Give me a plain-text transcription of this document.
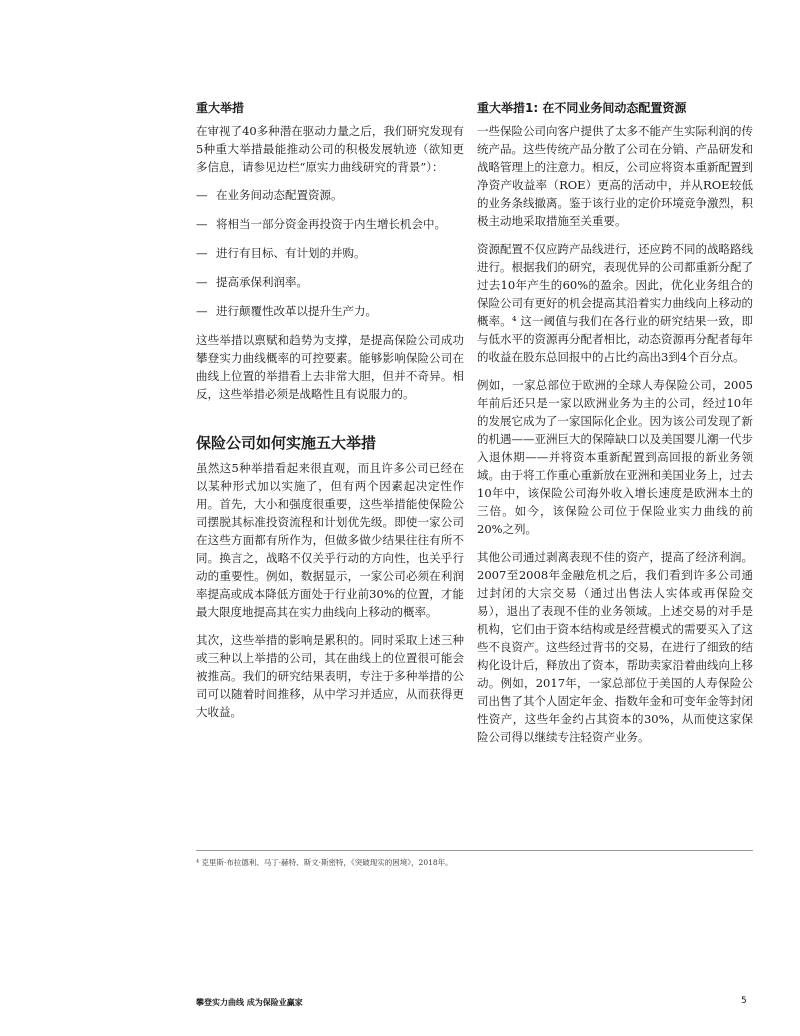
重大举措

在审视了40多种潜在驱动力量之后，我们研究发现有5种重大举措最能推动公司的积极发展轨迹（欲知更多信息，请参见边栏“原实力曲线研究的背景”）：

— 在业务间动态配置资源。
— 将相当一部分资金再投资于内生增长机会中。
— 进行有目标、有计划的并购。
— 提高承保利润率。
— 进行颠覆性改革以提升生产力。

这些举措以禀赋和趋势为支撑，是提高保险公司成功攀登实力曲线概率的可控要素。能够影响保险公司在曲线上位置的举措看上去非常大胆，但并不奇异。相反，这些举措必须是战略性且有说服力的。

保险公司如何实施五大举措

虽然这5种举措看起来很直观，而且许多公司已经在以某种形式加以实施了，但有两个因素起决定性作用。首先，大小和强度很重要，这些举措能使保险公司摆脱其标准投资流程和计划优先级。即使一家公司在这些方面都有所作为，但做多做少结果往往有所不同。换言之，战略不仅关乎行动的方向性，也关乎行动的重要性。例如，数据显示，一家公司必须在利润率提高或成本降低方面处于行业前30%的位置，才能最大限度地提高其在实力曲线向上移动的概率。

其次，这些举措的影响是累积的。同时采取上述三种或三种以上举措的公司，其在曲线上的位置很可能会被推高。我们的研究结果表明，专注于多种举措的公司可以随着时间推移，从中学习并适应，从而获得更大收益。

重大举措1: 在不同业务间动态配置资源

一些保险公司向客户提供了太多不能产生实际利润的传统产品。这些传统产品分散了公司在分销、产品研发和战略管理上的注意力。相反，公司应将资本重新配置到净资产收益率（ROE）更高的活动中，并从ROE较低的业务条线撤离。鉴于该行业的定价环境竞争激烈，积极主动地采取措施至关重要。

资源配置不仅应跨产品线进行，还应跨不同的战略路线进行。根据我们的研究，表现优异的公司都重新分配了过去10年产生的60%的盈余。因此，优化业务组合的保险公司有更好的机会提高其沿着实力曲线向上移动的概率。⁴ 这一阈值与我们在各行业的研究结果一致，即与低水平的资源再分配者相比，动态资源再分配者每年的收益在股东总回报中的占比约高出3到4个百分点。

例如，一家总部位于欧洲的全球人寿保险公司，2005年前后还只是一家以欧洲业务为主的公司，经过10年的发展它成为了一家国际化企业。因为该公司发现了新的机遇——亚洲巨大的保障缺口以及美国婴儿潮一代步入退休期——并将资本重新配置到高回报的新业务领域。由于将工作重心重新放在亚洲和美国业务上，过去10年中，该保险公司海外收入增长速度是欧洲本土的三倍。如今，该保险公司位于保险业实力曲线的前20%之列。

其他公司通过剥离表现不佳的资产，提高了经济利润。2007至2008年金融危机之后，我们看到许多公司通过封闭的大宗交易（通过出售法人实体或再保险交易），退出了表现不佳的业务领域。上述交易的对手是机构，它们由于资本结构或是经营模式的需要买入了这些不良资产。这些经过背书的交易，在进行了细致的结构化设计后，释放出了资本，帮助卖家沿着曲线向上移动。例如，2017年，一家总部位于美国的人寿保险公司出售了其个人固定年金、指数年金和可变年金等封闭性资产，这些年金约占其资本的30%，从而使这家保险公司得以继续专注轻资产业务。

⁴ 克里斯·布拉德利、马丁·赫特、斯文·斯密特，《突破现实的困境》，2018年。
攀登实力曲线 成为保险业赢家	5
